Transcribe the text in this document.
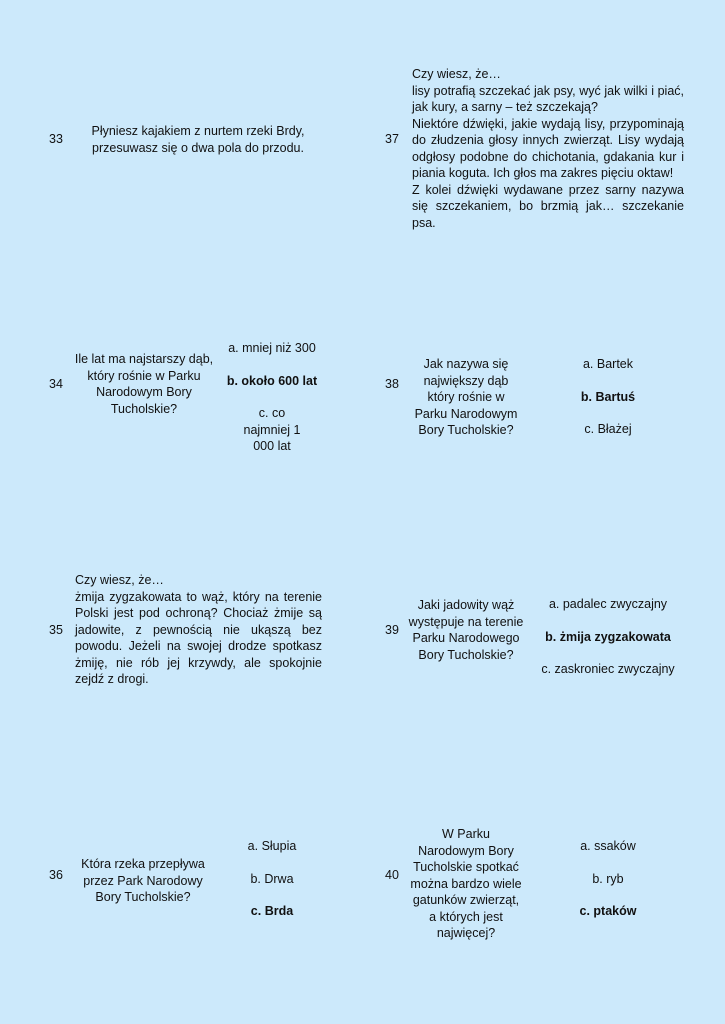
33
Płyniesz kajakiem z nurtem rzeki Brdy, przesuwasz się o dwa pola do przodu.
37
Czy wiesz, że…
lisy potrafią szczekać jak psy, wyć jak wilki i piać, jak kury, a sarny – też szczekają?
Niektóre dźwięki, jakie wydają lisy, przypominają do złudzenia głosy innych zwierząt. Lisy wydają odgłosy podobne do chichotania, gdakania kur i piania koguta. Ich głos ma zakres pięciu oktaw!
Z kolei dźwięki wydawane przez sarny nazywa się szczekaniem, bo brzmią jak… szczekanie psa.
34
Ile lat ma najstarszy dąb, który rośnie w Parku Narodowym Bory Tucholskie?
a. mniej niż 300
b. około 600 lat
c. co najmniej 1 000 lat
38
Jak nazywa się największy dąb który rośnie w Parku Narodowym Bory Tucholskie?
a. Bartek
b. Bartuś
c. Błażej
35
Czy wiesz, że…
żmija zygzakowata to wąż, który na terenie Polski jest pod ochroną? Chociaż żmije są jadowite, z pewnością nie ukąszą bez powodu. Jeżeli na swojej drodze spotkasz żmiję, nie rób jej krzywdy, ale spokojnie zejdź z drogi.
39
Jaki jadowity wąż występuje na terenie Parku Narodowego Bory Tucholskie?
a. padalec zwyczajny
b. żmija zygzakowata
c. zaskroniec zwyczajny
36
Która rzeka przepływa przez Park Narodowy Bory Tucholskie?
a. Słupia
b. Drwa
c. Brda
40
W Parku Narodowym Bory Tucholskie spotkać można bardzo wiele gatunków zwierząt, a których jest najwięcej?
a. ssaków
b. ryb
c. ptaków
